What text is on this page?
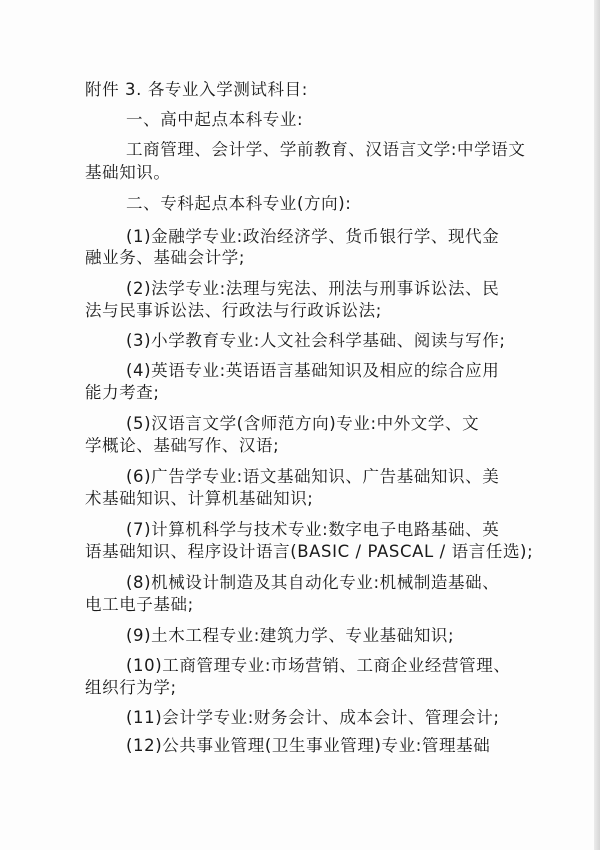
附件 3. 各专业入学测试科目:
一、高中起点本科专业:
工商管理、会计学、学前教育、汉语言文学:中学语文
基础知识。
二、专科起点本科专业(方向):
(1)金融学专业:政治经济学、货币银行学、现代金
融业务、基础会计学;
(2)法学专业:法理与宪法、刑法与刑事诉讼法、民
法与民事诉讼法、行政法与行政诉讼法;
(3)小学教育专业:人文社会科学基础、阅读与写作;
(4)英语专业:英语语言基础知识及相应的综合应用
能力考查;
(5)汉语言文学(含师范方向)专业:中外文学、文
学概论、基础写作、汉语;
(6)广告学专业:语文基础知识、广告基础知识、美
术基础知识、计算机基础知识;
(7)计算机科学与技术专业:数字电子电路基础、英
语基础知识、程序设计语言(BASIC / PASCAL / 语言任选);
(8)机械设计制造及其自动化专业:机械制造基础、
电工电子基础;
(9)土木工程专业:建筑力学、专业基础知识;
(10)工商管理专业:市场营销、工商企业经营管理、
组织行为学;
(11)会计学专业:财务会计、成本会计、管理会计;
(12)公共事业管理(卫生事业管理)专业:管理基础
